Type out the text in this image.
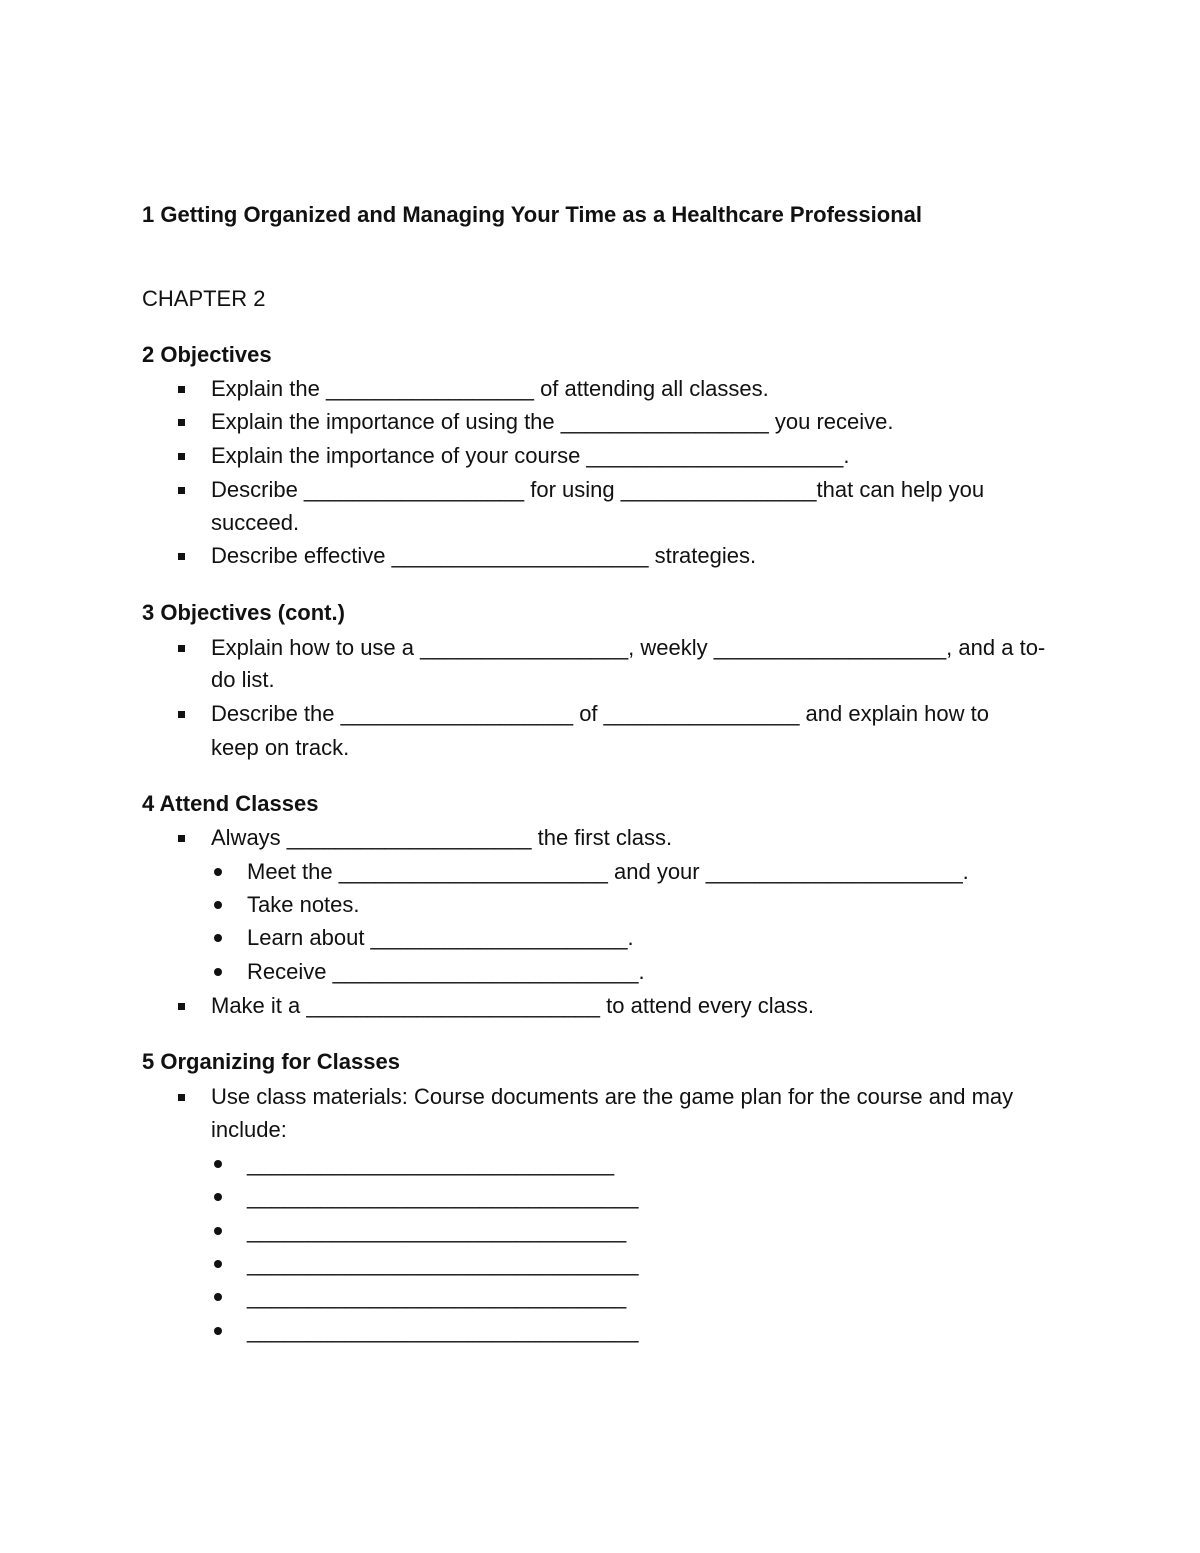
1 Getting Organized and Managing Your Time as a Healthcare Professional
CHAPTER 2
2 Objectives
Explain the _________________ of attending all classes.
Explain the importance of using the _________________ you receive.
Explain the importance of your course _____________________.
Describe __________________ for using ________________that can help you
succeed.
Describe effective _____________________ strategies.
3 Objectives (cont.)
Explain how to use a _________________, weekly ___________________, and a to-
do list.
Describe the ___________________ of ________________ and explain how to
keep on track.
4 Attend Classes
Always ____________________ the first class.
Meet the ______________________ and your _____________________.
Take notes.
Learn about _____________________.
Receive _________________________.
Make it a ________________________ to attend every class.
5 Organizing for Classes
Use class materials: Course documents are the game plan for the course and may
include:
______________________________
________________________________
_______________________________
________________________________
_______________________________
________________________________
